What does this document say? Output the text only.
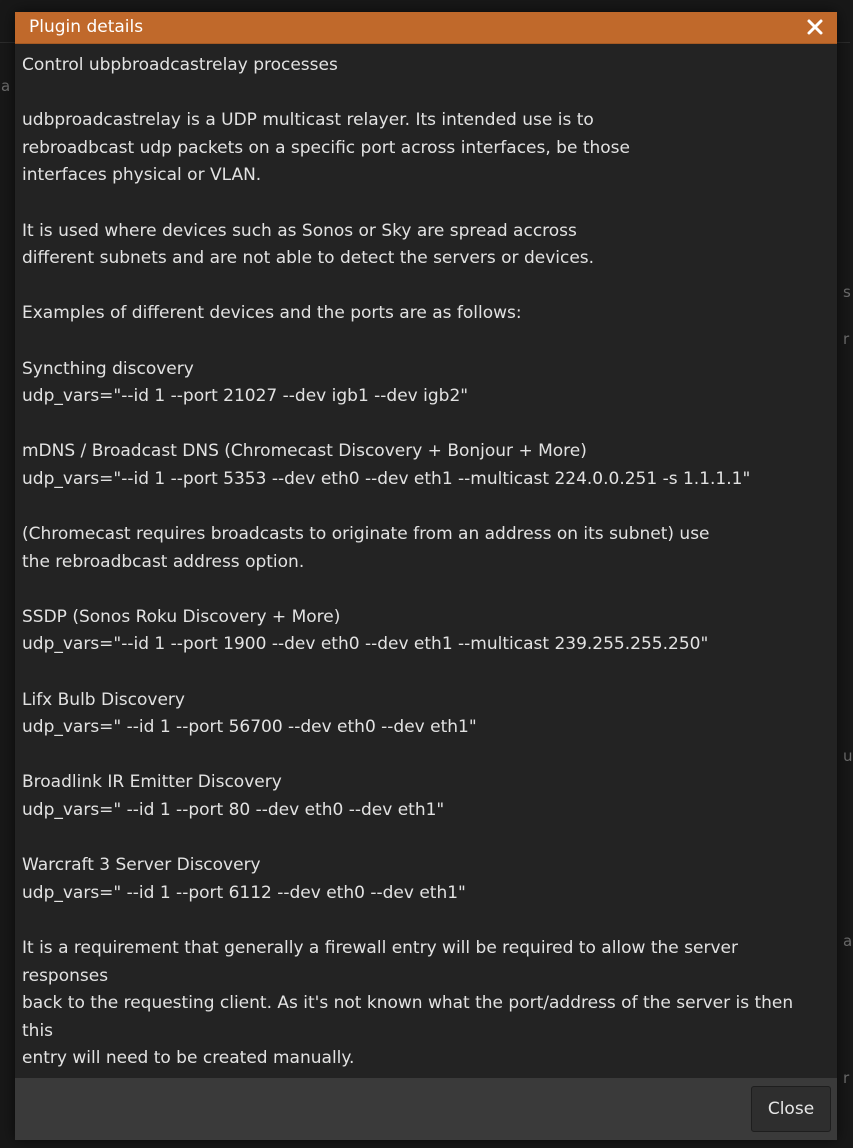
a
s
r
u
a
r
Plugin details
Control ubpbroadcastrelay processes

udbproadcastrelay is a UDP multicast relayer. Its intended use is to
rebroadbcast udp packets on a specific port across interfaces, be those
interfaces physical or VLAN.

It is used where devices such as Sonos or Sky are spread accross
different subnets and are not able to detect the servers or devices.

Examples of different devices and the ports are as follows:

Syncthing discovery
udp_vars="--id 1 --port 21027 --dev igb1 --dev igb2"

mDNS / Broadcast DNS (Chromecast Discovery + Bonjour + More)
udp_vars="--id 1 --port 5353 --dev eth0 --dev eth1 --multicast 224.0.0.251 -s 1.1.1.1"

(Chromecast requires broadcasts to originate from an address on its subnet) use
the rebroadbcast address option.

SSDP (Sonos Roku Discovery + More)
udp_vars="--id 1 --port 1900 --dev eth0 --dev eth1 --multicast 239.255.255.250"

Lifx Bulb Discovery
udp_vars=" --id 1 --port 56700 --dev eth0 --dev eth1"

Broadlink IR Emitter Discovery
udp_vars=" --id 1 --port 80 --dev eth0 --dev eth1"

Warcraft 3 Server Discovery
udp_vars=" --id 1 --port 6112 --dev eth0 --dev eth1"

It is a requirement that generally a firewall entry will be required to allow the server responses
back to the requesting client. As it's not known what the port/address of the server is then this
entry will need to be created manually.

Close
